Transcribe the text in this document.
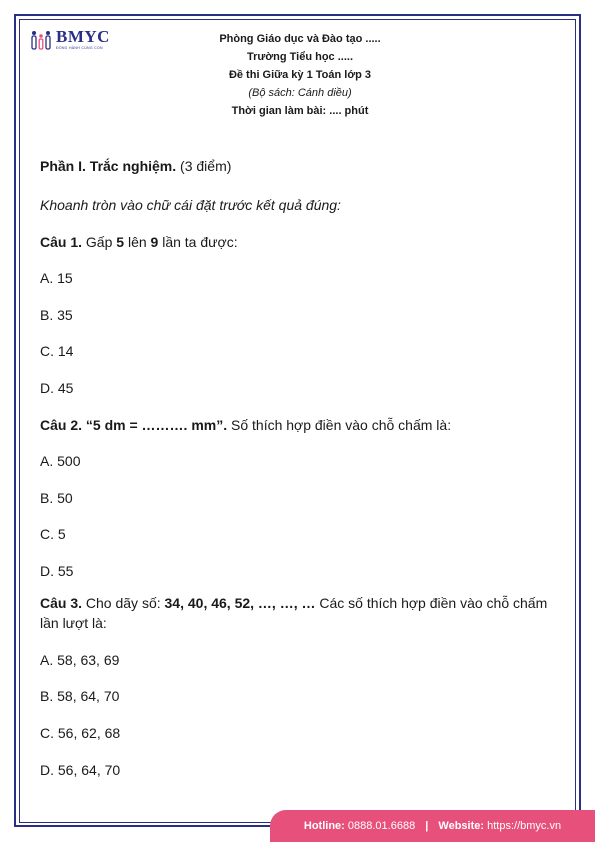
BMYC
ĐỒNG HÀNH CÙNG CON
Phòng Giáo dục và Đào tạo .....
Trường Tiểu học .....
Đề thi Giữa kỳ 1 Toán lớp 3
(Bộ sách: Cánh diều)
Thời gian làm bài: .... phút
Phần I. Trắc nghiệm. (3 điểm)
Khoanh tròn vào chữ cái đặt trước kết quả đúng:
Câu 1. Gấp 5 lên 9 lần ta được:
A. 15
B. 35
C. 14
D. 45
Câu 2. “5 dm = ………. mm”. Số thích hợp điền vào chỗ chấm là:
A. 500
B. 50
C. 5
D. 55
Câu 3. Cho dãy số: 34, 40, 46, 52, …, …, … Các số thích hợp điền vào chỗ chấm lần lượt là:
A. 58, 63, 69
B. 58, 64, 70
C. 56, 62, 68
D. 56, 64, 70
Hotline: 0888.01.6688 | Website: https://bmyc.vn
